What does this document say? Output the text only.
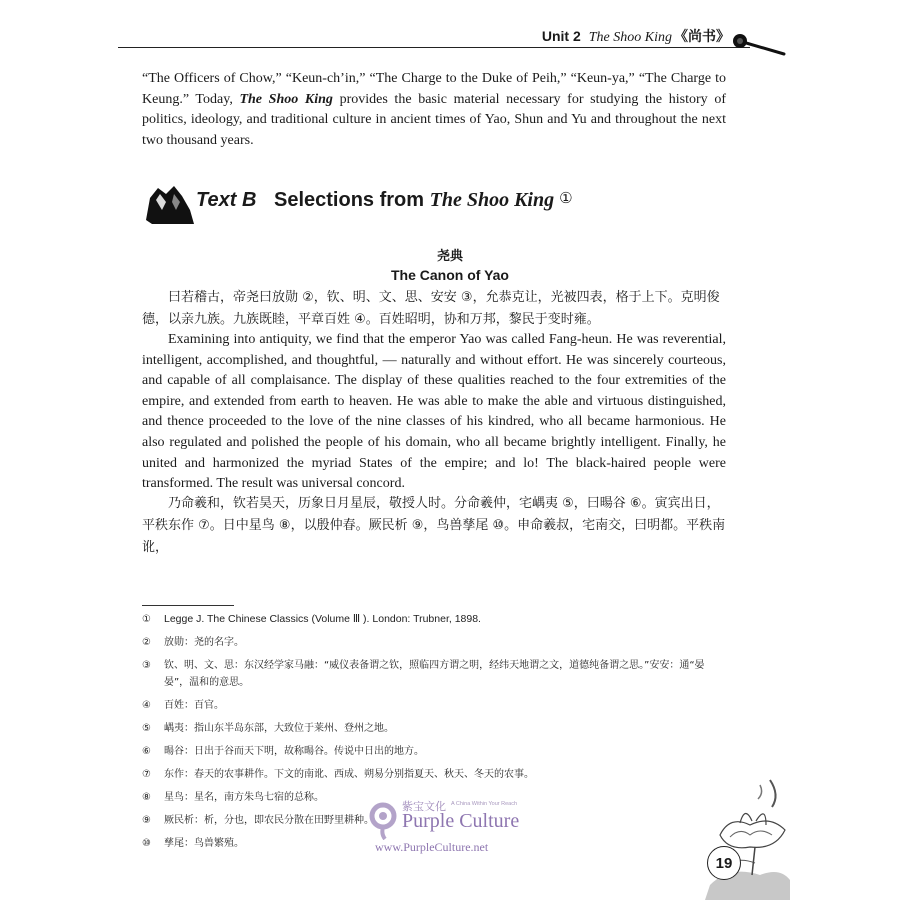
Unit 2 The Shoo King 《尚书》
“The Officers of Chow,” “Keun-ch’in,” “The Charge to the Duke of Peih,” “Keun-ya,” “The Charge to Keung.” Today, The Shoo King provides the basic material necessary for studying the history of politics, ideology, and traditional culture in ancient times of Yao, Shun and Yu and throughout the next two thousand years.
Text B Selections from The Shoo King ①
尧典
The Canon of Yao
曰若稽古，帝尧曰放勋 ②，钦、明、文、思、安安 ③，允恭克让，光被四表，格于上下。克明俊德，以亲九族。九族既睦，平章百姓 ④。百姓昭明，协和万邦，黎民于变时雍。
Examining into antiquity, we find that the emperor Yao was called Fang-heun. He was reverential, intelligent, accomplished, and thoughtful, — naturally and without effort. He was sincerely courteous, and capable of all complaisance. The display of these qualities reached to the four extremities of the empire, and extended from earth to heaven. He was able to make the able and virtuous distinguished, and thence proceeded to the love of the nine classes of his kindred, who all became harmonious. He also regulated and polished the people of his domain, who all became brightly intelligent. Finally, he united and harmonized the myriad States of the empire; and lo! The black-haired people were transformed. The result was universal concord.
乃命羲和，钦若昊天，历象日月星辰，敬授人时。分命羲仲，宅嵎夷 ⑤，曰暘谷 ⑥。寅宾出日，平秩东作 ⑦。日中星鸟 ⑧，以殷仲春。厥民析 ⑨，鸟兽孳尾 ⑩。申命羲叔，宅南交，曰明都。平秩南讹，
①	Legge J. The Chinese Classics (Volume Ⅲ ). London: Trubner, 1898.
②	放勋：尧的名字。
③	钦、明、文、思：东汉经学家马融：“威仪表备谓之钦，照临四方谓之明，经纬天地谓之文，道德纯备谓之思。”安安：通“晏晏”，温和的意思。
④	百姓：百官。
⑤	嵎夷：指山东半岛东部，大致位于莱州、登州之地。
⑥	暘谷：日出于谷而天下明，故称暘谷。传说中日出的地方。
⑦	东作：春天的农事耕作。下文的南讹、西成、朔易分别指夏天、秋天、冬天的农事。
⑧	星鸟：星名，南方朱鸟七宿的总称。
⑨	厥民析：析，分也，即农民分散在田野里耕种。
⑩	孳尾：鸟兽繁殖。
紫宝文化 A China Within Your Reach
Purple Culture
www.PurpleCulture.net
19
